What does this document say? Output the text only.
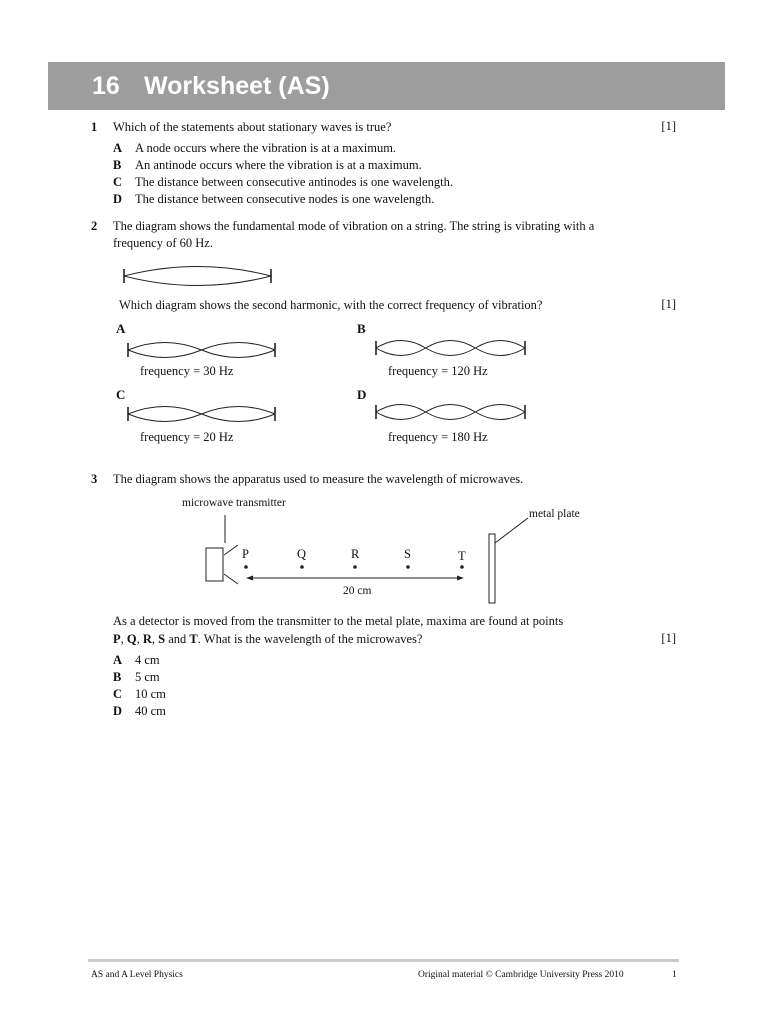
16 Worksheet (AS)
1 Which of the statements about stationary waves is true?	[1]
A A node occurs where the vibration is at a maximum.
B An antinode occurs where the vibration is at a maximum.
C The distance between consecutive antinodes is one wavelength.
D The distance between consecutive nodes is one wavelength.
2 The diagram shows the fundamental mode of vibration on a string. The string is vibrating with a
frequency of 60 Hz.
Which diagram shows the second harmonic, with the correct frequency of vibration?	[1]
A
frequency = 30 Hz
B
frequency = 120 Hz
C
frequency = 20 Hz
D
frequency = 180 Hz
3 The diagram shows the apparatus used to measure the wavelength of microwaves.
microwave transmitter
metal plate
P	Q	R	S	T
20 cm
As a detector is moved from the transmitter to the metal plate, maxima are found at points
P, Q, R, S and T. What is the wavelength of the microwaves?	[1]
A 4 cm
B 5 cm
C 10 cm
D 40 cm
AS and A Level Physics	Original material © Cambridge University Press 2010	1
